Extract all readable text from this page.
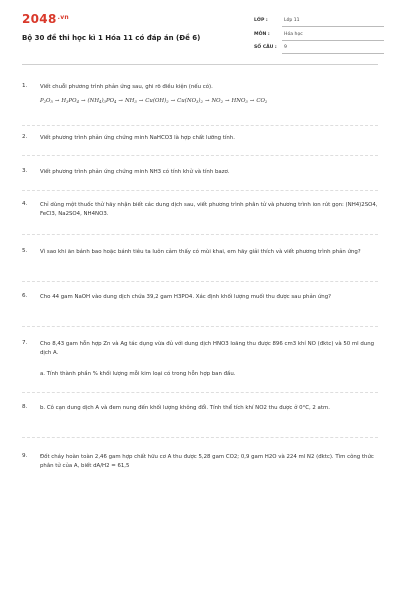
$2048^{.vn}$
Bộ 30 đề thi học kì 1 Hóa 11 có đáp án (Đề 6)
LỚP :	Lớp 11
MÔN :	Hóa học
SỐ CÂU : 9
1. Viết chuỗi phương trình phản ứng sau, ghi rõ điều kiện (nếu có).
$P_2O_5 \to H_3PO_4 \to (NH_4)_3PO_4 \to NH_3 \to Cu(OH)_2 \to Cu(NO_3)_2 \to NO_2 \to HNO_3 \to CO_2$
2. Viết phương trình phản ứng chứng minh NaHCO3 là hợp chất lưỡng tính.
3. Viết phương trình phản ứng chứng minh NH3 có tính khử và tính bazơ.
4. Chỉ dùng một thuốc thử hãy nhận biết các dung dịch sau, viết phương trình phân tử và phương trình ion rút gọn: (NH4)2SO4, FeCl3, Na2SO4, NH4NO3.
5. Vì sao khi ăn bánh bao hoặc bánh tiêu ta luôn cảm thấy có mùi khai, em hãy giải thích và viết phương trình phản ứng?
6. Cho 44 gam NaOH vào dung dịch chứa 39,2 gam H3PO4. Xác định khối lượng muối thu được sau phản ứng?
7. Cho 8,43 gam hỗn hợp Zn và Ag tác dụng vừa đủ với dung dịch HNO3 loãng thu được 896 cm3 khí NO (đktc) và 50 ml dung dịch A.
a. Tính thành phần % khối lượng mỗi kim loại có trong hỗn hợp ban đầu.
8. b. Cô cạn dung dịch A và đem nung đến khối lượng không đổi. Tính thể tích khí NO2 thu được ở 0°C, 2 atm.
9. Đốt cháy hoàn toàn 2,46 gam hợp chất hữu cơ A thu được 5,28 gam CO2; 0,9 gam H2O và 224 ml N2 (đktc). Tìm công thức phân tử của A, biết dA/H2 = 61,5
